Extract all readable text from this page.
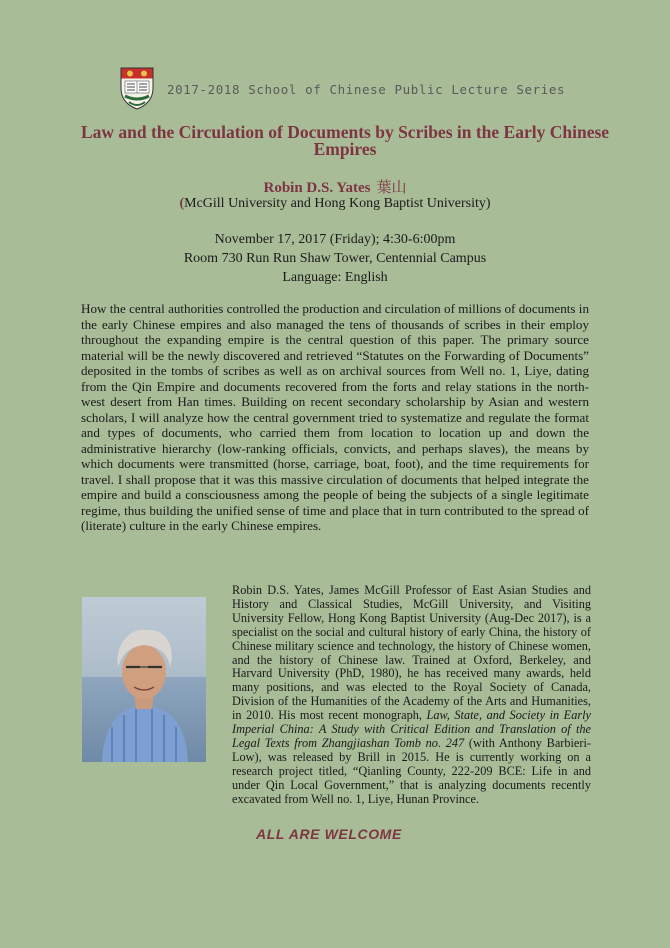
2017-2018 School of Chinese Public Lecture Series
Law and the Circulation of Documents by Scribes in the Early Chinese Empires
Robin D.S. Yates 葉山
(McGill University and Hong Kong Baptist University)
November 17, 2017 (Friday); 4:30-6:00pm
Room 730 Run Run Shaw Tower, Centennial Campus
Language: English

How the central authorities controlled the production and circulation of millions of documents in the early Chinese empires and also managed the tens of thousands of scribes in their employ throughout the expanding empire is the central question of this paper. The primary source material will be the newly discovered and retrieved “Statutes on the Forwarding of Documents” deposited in the tombs of scribes as well as on archival sources from Well no. 1, Liye, dating from the Qin Empire and documents recovered from the forts and relay stations in the north-west desert from Han times. Building on recent secondary scholarship by Asian and western scholars, I will analyze how the central government tried to systematize and regulate the format and types of documents, who carried them from location to location up and down the administrative hierarchy (low-ranking officials, convicts, and perhaps slaves), the means by which documents were transmitted (horse, carriage, boat, foot), and the time requirements for travel. I shall propose that it was this massive circulation of documents that helped integrate the empire and build a consciousness among the people of being the subjects of a single legitimate regime, thus building the unified sense of time and place that in turn contributed to the spread of (literate) culture in the early Chinese empires.

Robin D.S. Yates, James McGill Professor of East Asian Studies and History and Classical Studies, McGill University, and Visiting University Fellow, Hong Kong Baptist University (Aug-Dec 2017), is a specialist on the social and cultural history of early China, the history of Chinese military science and technology, the history of Chinese women, and the history of Chinese law. Trained at Oxford, Berkeley, and Harvard University (PhD, 1980), he has received many awards, held many positions, and was elected to the Royal Society of Canada, Division of the Humanities of the Academy of the Arts and Humanities, in 2010. His most recent monograph, Law, State, and Society in Early Imperial China: A Study with Critical Edition and Translation of the Legal Texts from Zhangjiashan Tomb no. 247 (with Anthony Barbieri-Low), was released by Brill in 2015. He is currently working on a research project titled, “Qianling County, 222-209 BCE: Life in and under Qin Local Government,” that is analyzing documents recently excavated from Well no. 1, Liye, Hunan Province.

ALL ARE WELCOME
